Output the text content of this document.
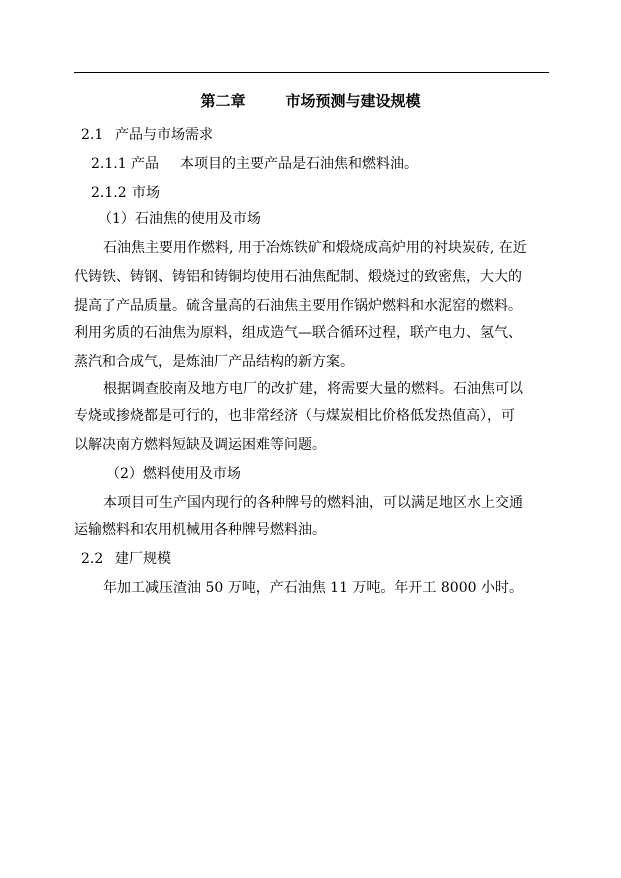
第二章	市场预测与建设规模
2.1 产品与市场需求
2.1.1 产品 本项目的主要产品是石油焦和燃料油。
2.1.2 市场
（1）石油焦的使用及市场
石油焦主要用作燃料, 用于冶炼铁矿和煅烧成高炉用的衬块炭砖, 在近
代铸铁、铸钢、铸铝和铸铜均使用石油焦配制、煅烧过的致密焦，大大的
提高了产品质量。硫含量高的石油焦主要用作锅炉燃料和水泥窑的燃料。
利用劣质的石油焦为原料，组成造气—联合循环过程，联产电力、氢气、
蒸汽和合成气，是炼油厂产品结构的新方案。
根据调查胶南及地方电厂的改扩建，将需要大量的燃料。石油焦可以
专烧或掺烧都是可行的，也非常经济（与煤炭相比价格低发热值高），可
以解决南方燃料短缺及调运困难等问题。
（2）燃料使用及市场
本项目可生产国内现行的各种牌号的燃料油，可以满足地区水上交通
运输燃料和农用机械用各种牌号燃料油。
2.2 建厂规模
年加工减压渣油 50 万吨，产石油焦 11 万吨。年开工 8000 小时。
